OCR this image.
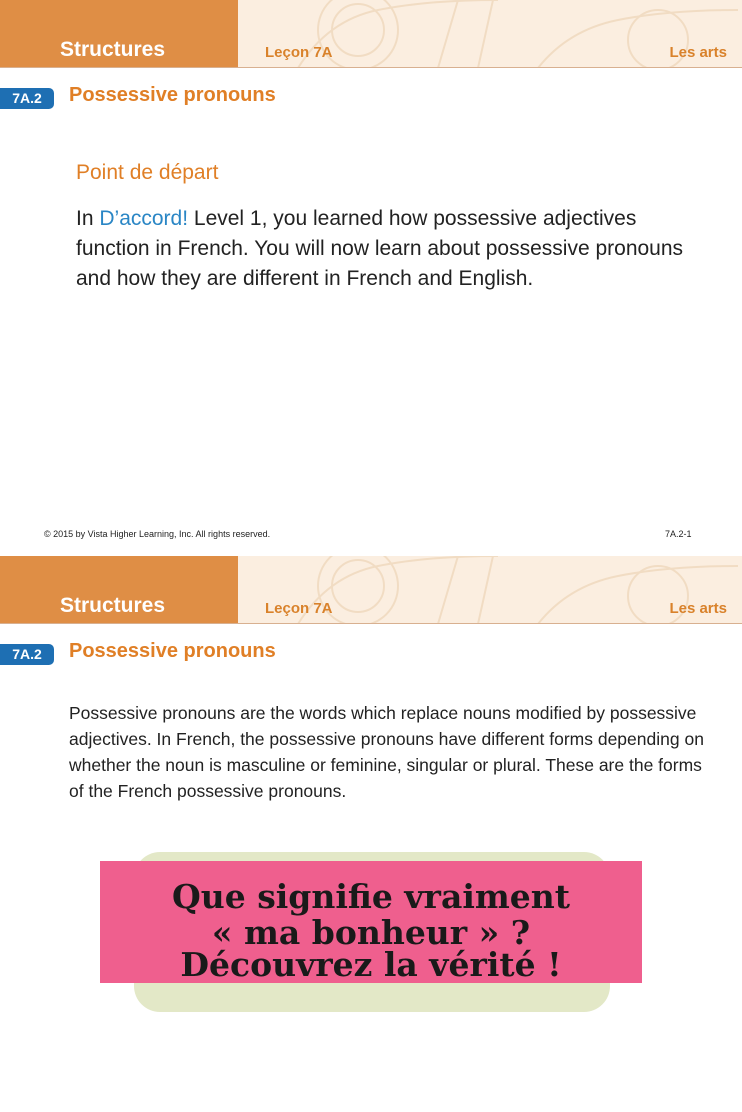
Structures	Leçon 7A	Les arts
7A.2	Possessive pronouns
Point de départ

In D’accord! Level 1, you learned how possessive adjectives function in French. You will now learn about possessive pronouns and how they are different in French and English.

© 2015 by Vista Higher Learning, Inc. All rights reserved.	7A.2-1
Structures	Leçon 7A	Les arts
7A.2	Possessive pronouns

Possessive pronouns are the words which replace nouns modified by possessive adjectives. In French, the possessive pronouns have different forms depending on whether the noun is masculine or feminine, singular or plural. These are the forms of the French possessive pronouns.

Que signifie vraiment
« ma bonheur » ?
Découvrez la vérité !
